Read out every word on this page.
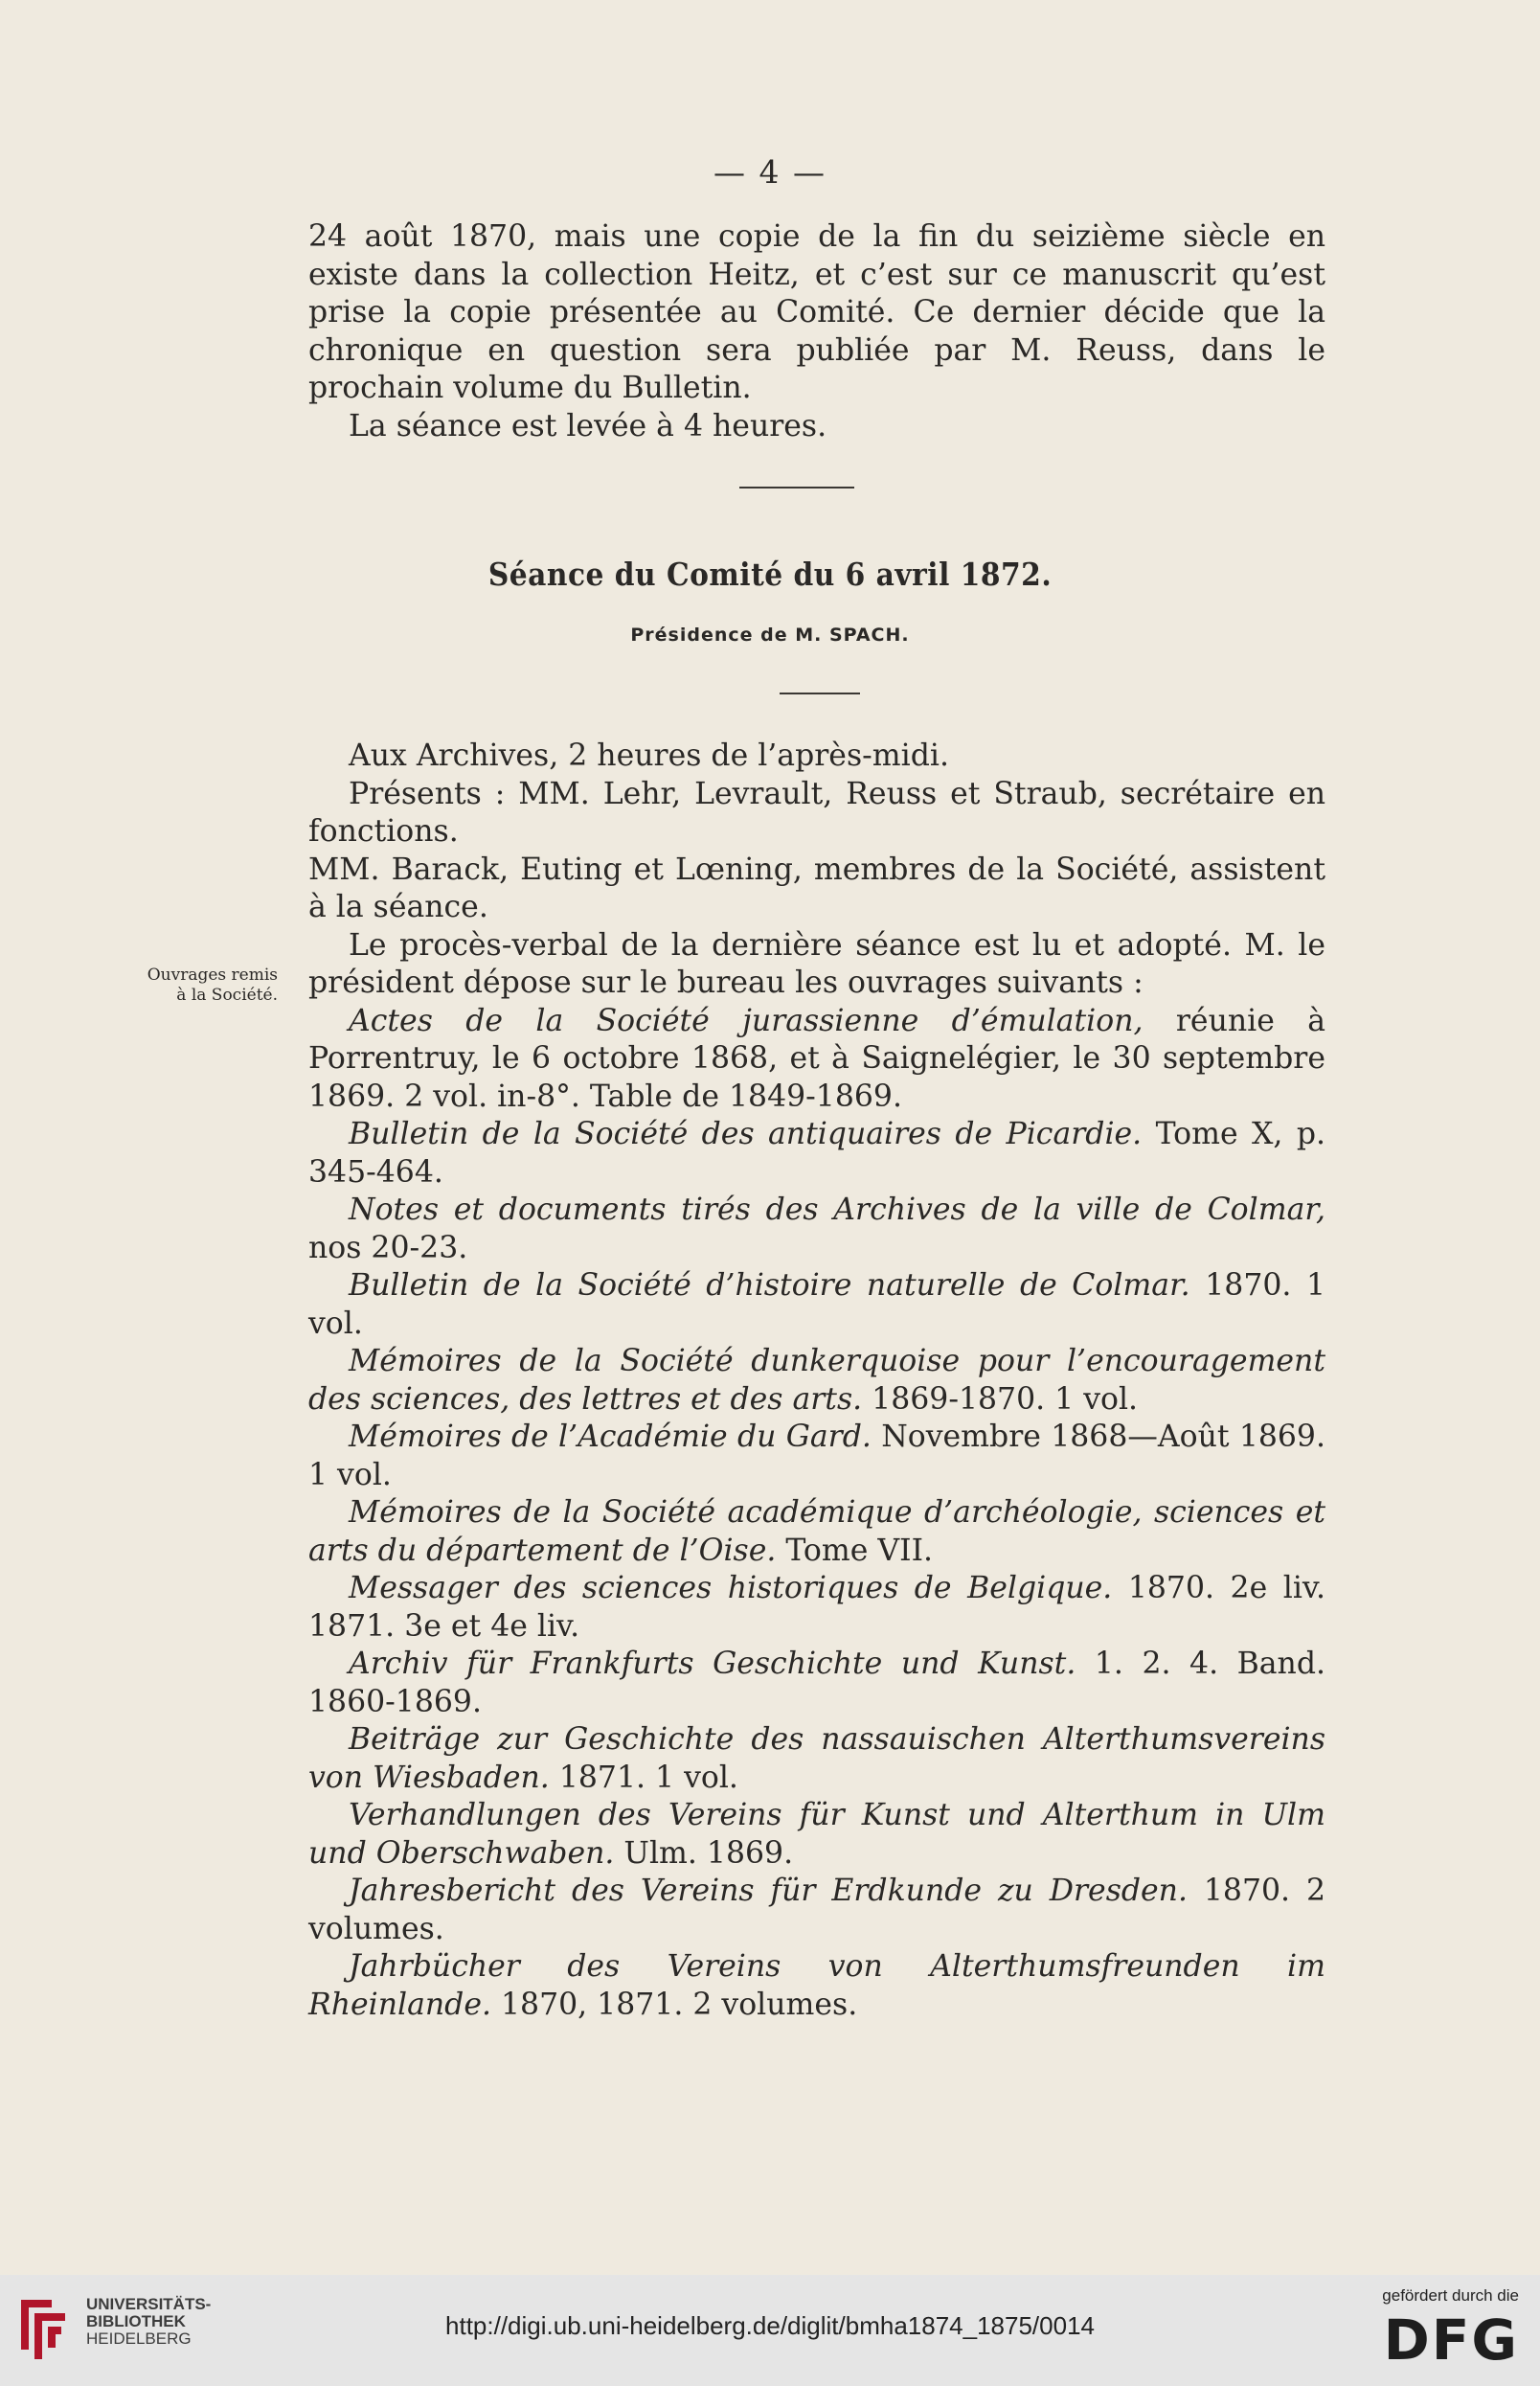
— 4 —

24 août 1870, mais une copie de la fin du seizième siècle en existe dans la collection Heitz, et c’est sur ce manuscrit qu’est prise la copie présentée au Comité. Ce dernier décide que la chronique en question sera publiée par M. Reuss, dans le prochain volume du Bulletin.

La séance est levée à 4 heures.

Séance du Comité du 6 avril 1872.
Présidence de M. SPACH.

Aux Archives, 2 heures de l’après-midi.

Présents : MM. Lehr, Levrault, Reuss et Straub, secrétaire en fonctions.

MM. Barack, Euting et Lœning, membres de la Société, assistent à la séance.

Le procès-verbal de la dernière séance est lu et adopté. M. le président dépose sur le bureau les ouvrages suivants :

Actes de la Société jurassienne d’émulation, réunie à Porrentruy, le 6 octobre 1868, et à Saignelégier, le 30 septembre 1869. 2 vol. in-8°. Table de 1849-1869.

Bulletin de la Société des antiquaires de Picardie. Tome X, p. 345-464.

Notes et documents tirés des Archives de la ville de Colmar, nos 20-23.

Bulletin de la Société d’histoire naturelle de Colmar. 1870. 1 vol.

Mémoires de la Société dunkerquoise pour l’encouragement des sciences, des lettres et des arts. 1869-1870. 1 vol.

Mémoires de l’Académie du Gard. Novembre 1868—Août 1869. 1 vol.

Mémoires de la Société académique d’archéologie, sciences et arts du département de l’Oise. Tome VII.

Messager des sciences historiques de Belgique. 1870. 2e liv. 1871. 3e et 4e liv.

Archiv für Frankfurts Geschichte und Kunst. 1. 2. 4. Band. 1860-1869.

Beiträge zur Geschichte des nassauischen Alterthumsvereins von Wiesbaden. 1871. 1 vol.

Verhandlungen des Vereins für Kunst und Alterthum in Ulm und Oberschwaben. Ulm. 1869.

Jahresbericht des Vereins für Erdkunde zu Dresden. 1870. 2 volumes.

Jahrbücher des Vereins von Alterthumsfreunden im Rheinlande. 1870, 1871. 2 volumes.

Ouvrages remis à la Société.
UNIVERSITÄTS-
BIBLIOTHEK
HEIDELBERG	http://digi.ub.uni-heidelberg.de/diglit/bmha1874_1875/0014
gefördert durch die
DFG
